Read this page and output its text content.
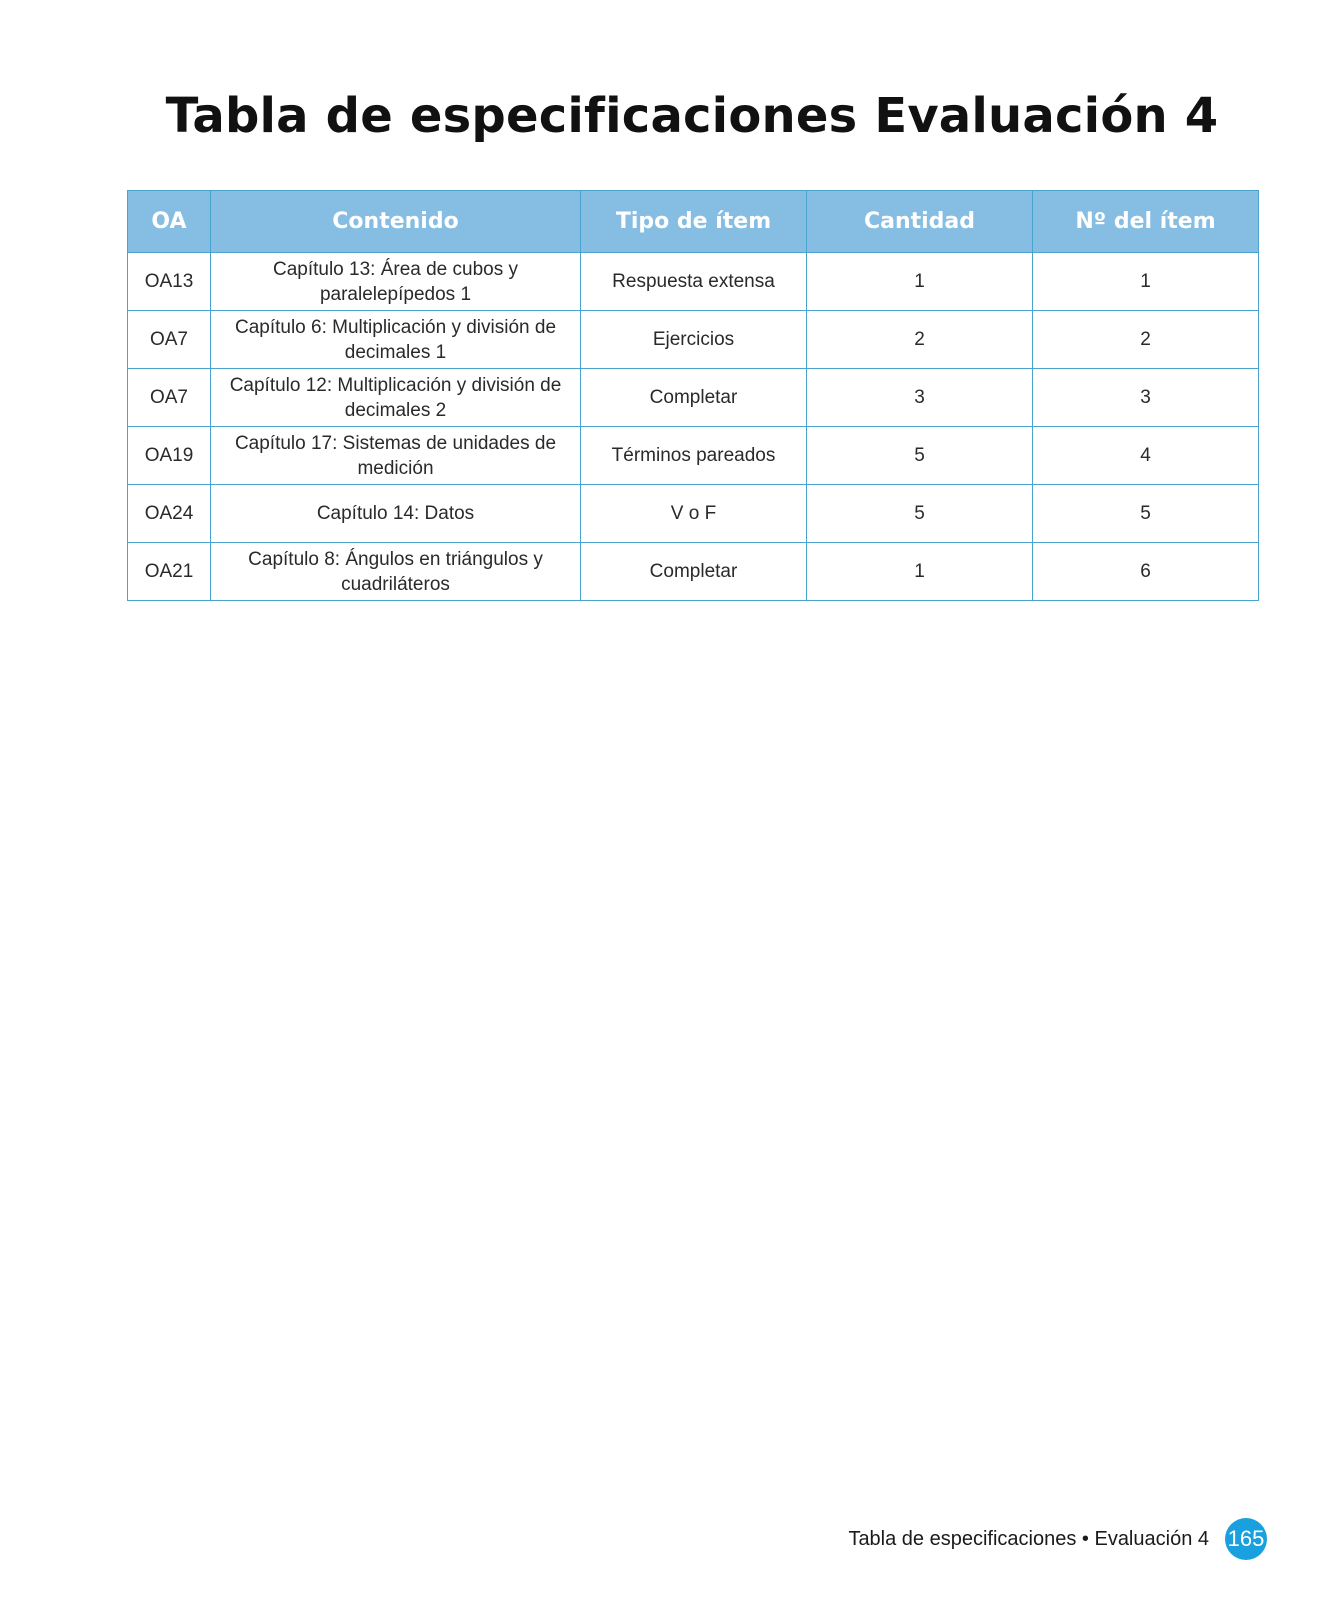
Tabla de especificaciones Evaluación 4
OA	Contenido	Tipo de ítem	Cantidad	Nº del ítem
OA13	Capítulo 13: Área de cubos y paralelepípedos 1	Respuesta extensa	1	1
OA7	Capítulo 6: Multiplicación y división de decimales 1	Ejercicios	2	2
OA7	Capítulo 12: Multiplicación y división de decimales 2	Completar	3	3
OA19	Capítulo 17: Sistemas de unidades de medición	Términos pareados	5	4
OA24	Capítulo 14: Datos	V o F	5	5
OA21	Capítulo 8: Ángulos en triángulos y cuadriláteros	Completar	1	6
Tabla de especificaciones • Evaluación 4 165
